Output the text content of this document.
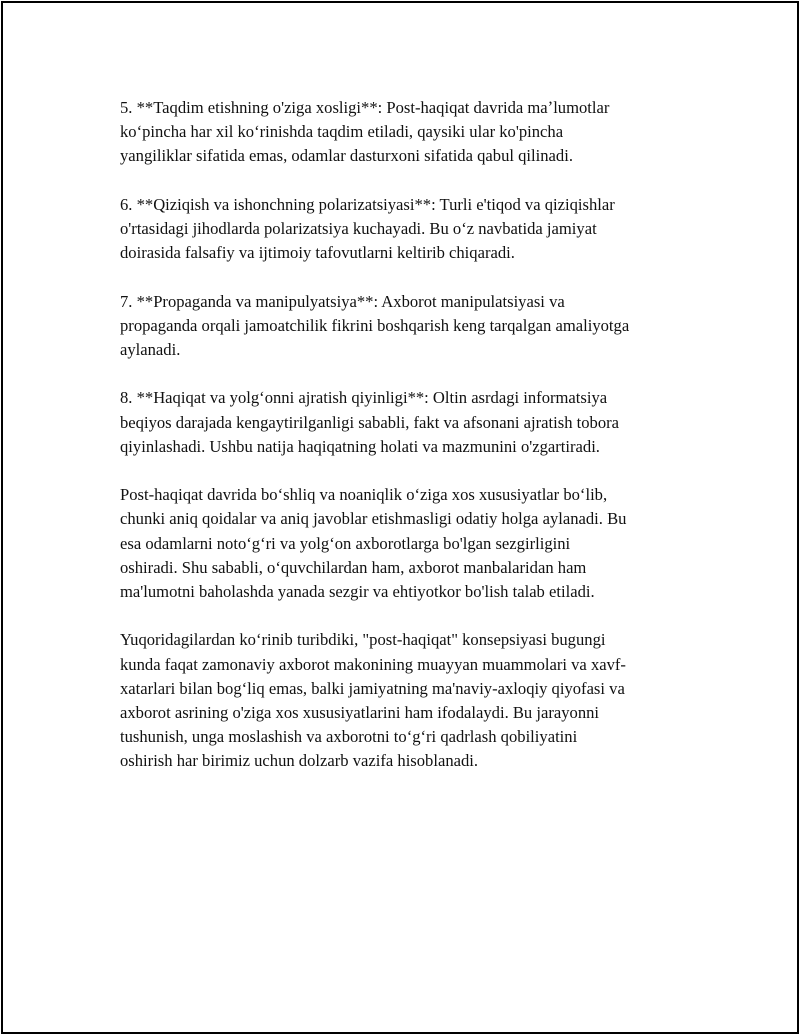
5. **Taqdim etishning o'ziga xosligi**: Post-haqiqat davrida maʼlumotlar
koʻpincha har xil koʻrinishda taqdim etiladi, qaysiki ular ko'pincha
yangiliklar sifatida emas, odamlar dasturxoni sifatida qabul qilinadi.

6. **Qiziqish va ishonchning polarizatsiyasi**: Turli e'tiqod va qiziqishlar
o'rtasidagi jihodlarda polarizatsiya kuchayadi. Bu oʻz navbatida jamiyat
doirasida falsafiy va ijtimoiy tafovutlarni keltirib chiqaradi.

7. **Propaganda va manipulyatsiya**: Axborot manipulatsiyasi va
propaganda orqali jamoatchilik fikrini boshqarish keng tarqalgan amaliyotga
aylanadi.

8. **Haqiqat va yolgʻonni ajratish qiyinligi**: Oltin asrdagi informatsiya
beqiyos darajada kengaytirilganligi sababli, fakt va afsonani ajratish tobora
qiyinlashadi. Ushbu natija haqiqatning holati va mazmunini o'zgartiradi.

Post-haqiqat davrida boʻshliq va noaniqlik oʻziga xos xususiyatlar boʻlib,
chunki aniq qoidalar va aniq javoblar etishmasligi odatiy holga aylanadi. Bu
esa odamlarni notoʻgʻri va yolgʻon axborotlarga bo'lgan sezgirligini
oshiradi. Shu sababli, oʻquvchilardan ham, axborot manbalaridan ham
ma'lumotni baholashda yanada sezgir va ehtiyotkor bo'lish talab etiladi.

Yuqoridagilardan koʻrinib turibdiki, "post-haqiqat" konsepsiyasi bugungi
kunda faqat zamonaviy axborot makonining muayyan muammolari va xavf-
xatarlari bilan bogʻliq emas, balki jamiyatning ma'naviy-axloqiy qiyofasi va
axborot asrining o'ziga xos xususiyatlarini ham ifodalaydi. Bu jarayonni
tushunish, unga moslashish va axborotni toʻgʻri qadrlash qobiliyatini
oshirish har birimiz uchun dolzarb vazifa hisoblanadi.
